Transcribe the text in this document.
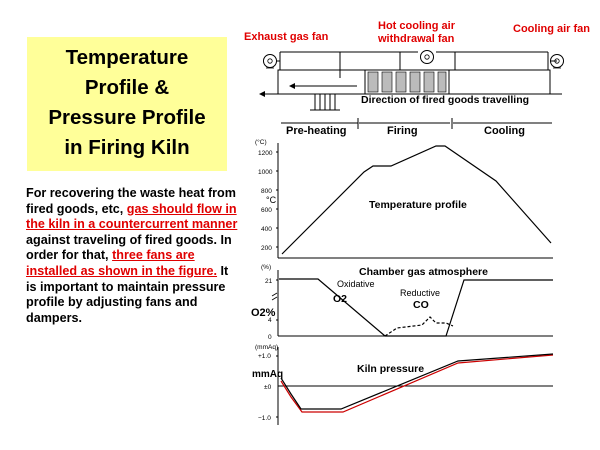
Temperature
Profile &
Pressure Profile
in Firing Kiln
For recovering the waste heat from fired goods, etc, gas should flow in the kiln in a countercurrent manner against traveling of fired goods. In order for that, three fans are installed as shown in the figure. It is important to maintain pressure profile by adjusting fans and dampers.
Exhaust gas fan
Hot cooling air
withdrawal fan
Cooling air fan
Direction of fired goods travelling
Pre-heating	Firing	Cooling
(°C)
1200
1000
800
600
400
200
°C	Temperature profile
(%)
21
4
0
O2%
Chamber gas atmosphere
Oxidative
O2	Reductive
CO
(mmAq)
+1.0
±0
−1.0
mmAq	Kiln pressure
